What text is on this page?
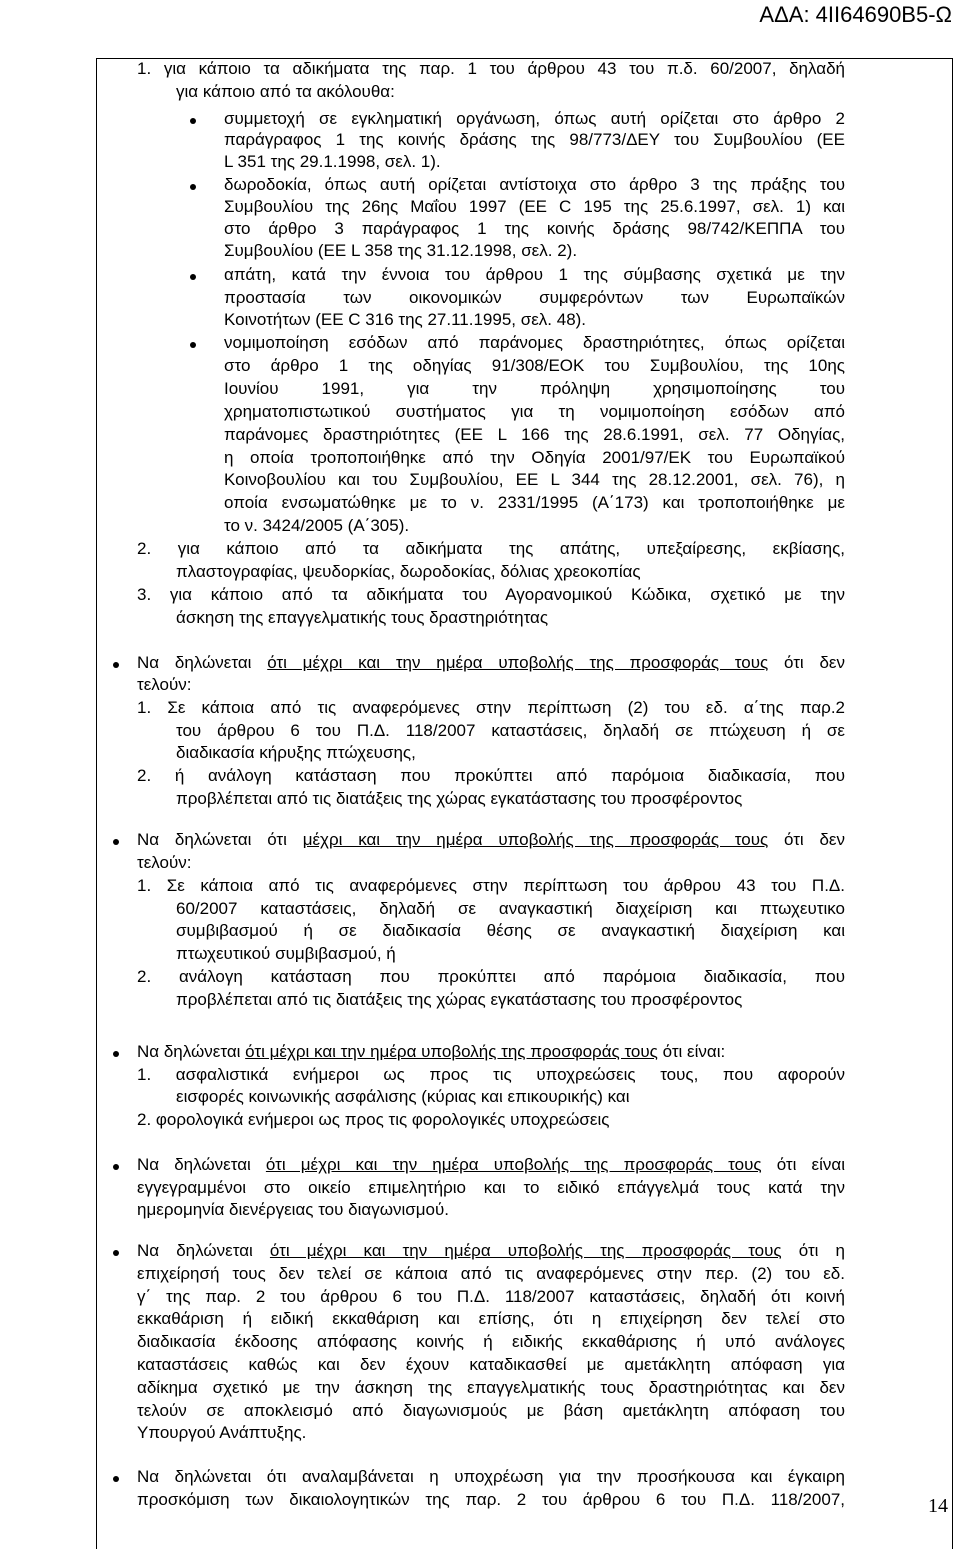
ΑΔΑ: 4ΙΙ64690Β5-Ω
1. για κάποιο τα αδικήματα της παρ. 1 του άρθρου 43 του π.δ. 60/2007, δηλαδή
για κάποιο από τα ακόλουθα:
συμμετοχή σε εγκληματική οργάνωση, όπως αυτή ορίζεται στο άρθρο 2
παράγραφος 1 της κοινής δράσης της 98/773/ΔΕΥ του Συμβουλίου (ΕΕ
L 351 της 29.1.1998, σελ. 1).
δωροδοκία, όπως αυτή ορίζεται αντίστοιχα στο άρθρο 3 της πράξης του
Συμβουλίου της 26ης Μαΐου 1997 (ΕΕ C 195 της 25.6.1997, σελ. 1) και
στο άρθρο 3 παράγραφος 1 της κοινής δράσης 98/742/ΚΕΠΠΑ του
Συμβουλίου (ΕΕ L 358 της 31.12.1998, σελ. 2).
απάτη, κατά την έννοια του άρθρου 1 της σύμβασης σχετικά με την
προστασία των οικονομικών συμφερόντων των Ευρωπαϊκών
Κοινοτήτων (ΕΕ C 316 της 27.11.1995, σελ. 48).
νομιμοποίηση εσόδων από παράνομες δραστηριότητες, όπως ορίζεται
στο άρθρο 1 της οδηγίας 91/308/ΕΟΚ του Συμβουλίου, της 10ης
Ιουνίου 1991, για την πρόληψη χρησιμοποίησης του
χρηματοπιστωτικού συστήματος για τη νομιμοποίηση εσόδων από
παράνομες δραστηριότητες (ΕΕ L 166 της 28.6.1991, σελ. 77 Οδηγίας,
η οποία τροποποιήθηκε από την Οδηγία 2001/97/ΕΚ του Ευρωπαϊκού
Κοινοβουλίου και του Συμβουλίου, ΕΕ L 344 της 28.12.2001, σελ. 76), η
οποία ενσωματώθηκε με το ν. 2331/1995 (Α΄173) και τροποποιήθηκε με
το ν. 3424/2005 (Α΄305).
2. για κάποιο από τα αδικήματα της απάτης, υπεξαίρεσης, εκβίασης,
πλαστογραφίας, ψευδορκίας, δωροδοκίας, δόλιας χρεοκοπίας
3. για κάποιο από τα αδικήματα του Αγορανομικού Κώδικα, σχετικό με την
άσκηση της επαγγελματικής τους δραστηριότητας
Να δηλώνεται ότι μέχρι και την ημέρα υποβολής της προσφοράς τους ότι δεν
τελούν:
1. Σε κάποια από τις αναφερόμενες στην περίπτωση (2) του εδ. α΄της παρ.2
του άρθρου 6 του Π.Δ. 118/2007 καταστάσεις, δηλαδή σε πτώχευση ή σε
διαδικασία κήρυξης πτώχευσης,
2. ή ανάλογη κατάσταση που προκύπτει από παρόμοια διαδικασία, που
προβλέπεται από τις διατάξεις της χώρας εγκατάστασης του προσφέροντος
Να δηλώνεται ότι μέχρι και την ημέρα υποβολής της προσφοράς τους ότι δεν
τελούν:
1. Σε κάποια από τις αναφερόμενες στην περίπτωση του άρθρου 43 του Π.Δ.
60/2007 καταστάσεις, δηλαδή σε αναγκαστική διαχείριση και πτωχευτικο
συμβιβασμού ή σε διαδικασία θέσης σε αναγκαστική διαχείριση και
πτωχευτικού συμβιβασμού, ή
2. ανάλογη κατάσταση που προκύπτει από παρόμοια διαδικασία, που
προβλέπεται από τις διατάξεις της χώρας εγκατάστασης του προσφέροντος
Να δηλώνεται ότι μέχρι και την ημέρα υποβολής της προσφοράς τους ότι είναι:
1. ασφαλιστικά ενήμεροι ως προς τις υποχρεώσεις τους, που αφορούν
εισφορές κοινωνικής ασφάλισης (κύριας και επικουρικής) και
2. φορολογικά ενήμεροι ως προς τις φορολογικές υποχρεώσεις
Να δηλώνεται ότι μέχρι και την ημέρα υποβολής της προσφοράς τους ότι είναι
εγγεγραμμένοι στο οικείο επιμελητήριο και το ειδικό επάγγελμά τους κατά την
ημερομηνία διενέργειας του διαγωνισμού.
Να δηλώνεται ότι μέχρι και την ημέρα υποβολής της προσφοράς τους ότι η
επιχείρησή τους δεν τελεί σε κάποια από τις αναφερόμενες στην περ. (2) του εδ.
γ΄ της παρ. 2 του άρθρου 6 του Π.Δ. 118/2007 καταστάσεις, δηλαδή ότι κοινή
εκκαθάριση ή ειδική εκκαθάριση και επίσης, ότι η επιχείρηση δεν τελεί στο
διαδικασία έκδοσης απόφασης κοινής ή ειδικής εκκαθάρισης ή υπό ανάλογες
καταστάσεις καθώς και δεν έχουν καταδικασθεί με αμετάκλητη απόφαση για
αδίκημα σχετικό με την άσκηση της επαγγελματικής τους δραστηριότητας και δεν
τελούν σε αποκλεισμό από διαγωνισμούς με βάση αμετάκλητη απόφαση του
Υπουργού Ανάπτυξης.
Να δηλώνεται ότι αναλαμβάνεται η υποχρέωση για την προσήκουσα και έγκαιρη
προσκόμιση των δικαιολογητικών της παρ. 2 του άρθρου 6 του Π.Δ. 118/2007,	14
